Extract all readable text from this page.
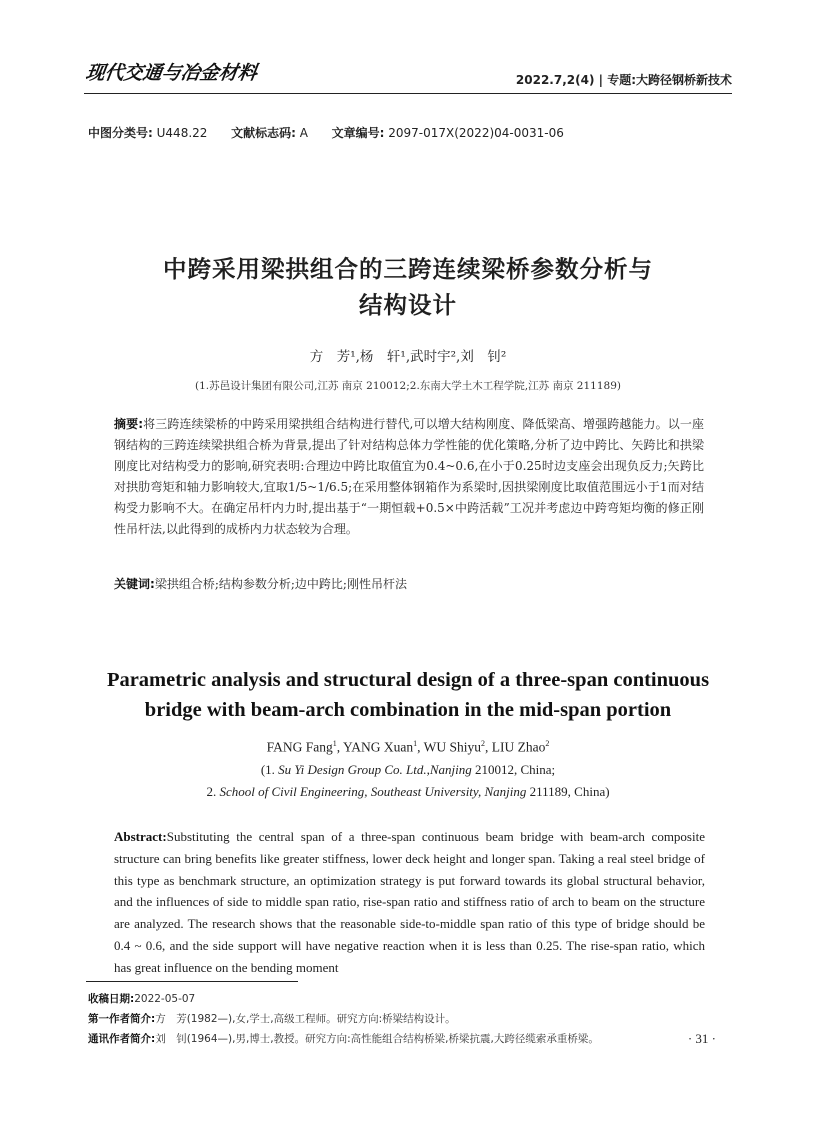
现代交通与冶金材料	2022.7,2(4) | 专题:大跨径钢桥新技术
中图分类号: U448.22 文献标志码: A 文章编号: 2097-017X(2022)04-0031-06
中跨采用梁拱组合的三跨连续梁桥参数分析与
结构设计
方　芳¹,杨　轩¹,武时宇²,刘　钊²
(1.苏邑设计集团有限公司,江苏 南京 210012;2.东南大学土木工程学院,江苏 南京 211189)
摘要:将三跨连续梁桥的中跨采用梁拱组合结构进行替代,可以增大结构刚度、降低梁高、增强跨越能力。以一座钢结构的三跨连续梁拱组合桥为背景,提出了针对结构总体力学性能的优化策略,分析了边中跨比、矢跨比和拱梁刚度比对结构受力的影响,研究表明:合理边中跨比取值宜为0.4~0.6,在小于0.25时边支座会出现负反力;矢跨比对拱肋弯矩和轴力影响较大,宜取1/5~1/6.5;在采用整体钢箱作为系梁时,因拱梁刚度比取值范围远小于1而对结构受力影响不大。在确定吊杆内力时,提出基于“一期恒载+0.5×中跨活载”工况并考虑边中跨弯矩均衡的修正刚性吊杆法,以此得到的成桥内力状态较为合理。
关键词:梁拱组合桥;结构参数分析;边中跨比;刚性吊杆法
Parametric analysis and structural design of a three-span continuous
bridge with beam-arch combination in the mid-span portion
FANG Fang$^1$, YANG Xuan$^1$, WU Shiyu$^2$, LIU Zhao$^2$
(1. Su Yi Design Group Co. Ltd.,Nanjing 210012, China;
2. School of Civil Engineering, Southeast University, Nanjing 211189, China)
Abstract:Substituting the central span of a three-span continuous beam bridge with beam-arch composite structure can bring benefits like greater stiffness, lower deck height and longer span. Taking a real steel bridge of this type as benchmark structure, an optimization strategy is put forward towards its global structural behavior, and the influences of side to middle span ratio, rise-span ratio and stiffness ratio of arch to beam on the structure are analyzed. The research shows that the reasonable side-to-middle span ratio of this type of bridge should be 0.4 ~ 0.6, and the side support will have negative reaction when it is less than 0.25. The rise-span ratio, which has great influence on the bending moment
收稿日期:2022-05-07
第一作者简介:方　芳(1982—),女,学士,高级工程师。研究方向:桥梁结构设计。
通讯作者简介:刘　钊(1964—),男,博士,教授。研究方向:高性能组合结构桥梁,桥梁抗震,大跨径缆索承重桥梁。	· 31 ·
